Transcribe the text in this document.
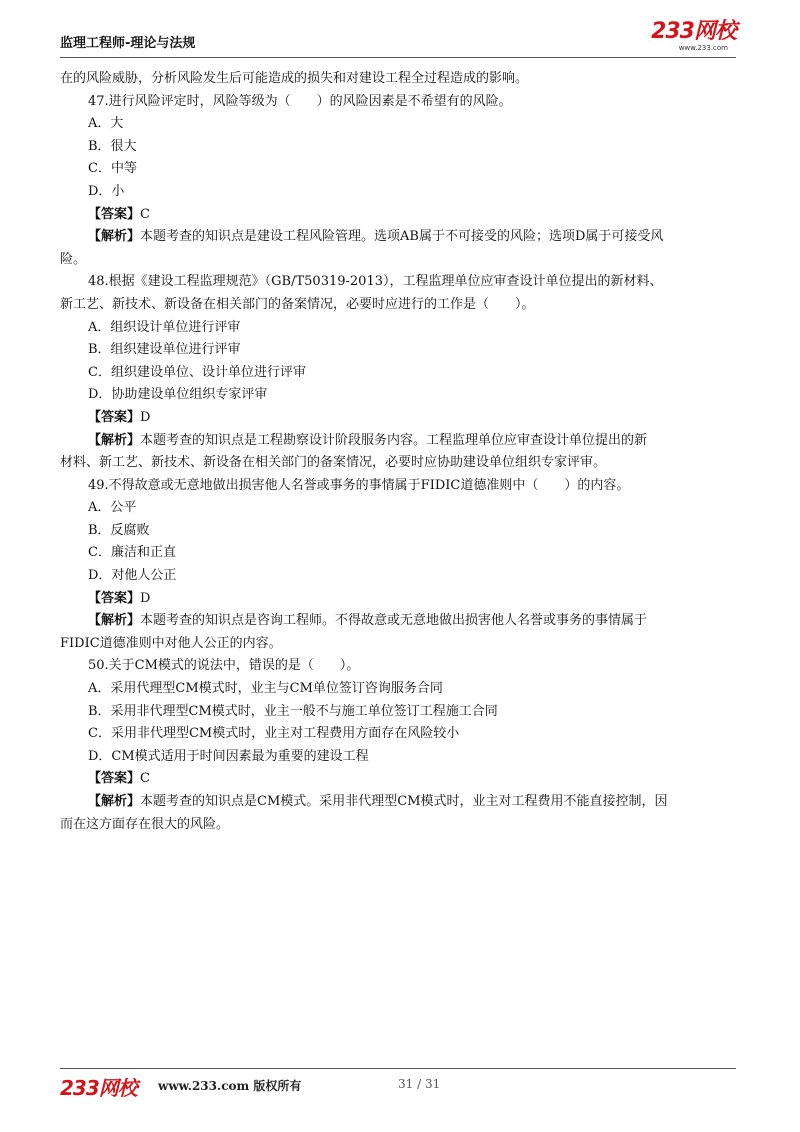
监理工程师-理论与法规	233网校
www.233.com
在的风险威胁，分析风险发生后可能造成的损失和对建设工程全过程造成的影响。
47.进行风险评定时，风险等级为（　　）的风险因素是不希望有的风险。
A．大
B．很大
C．中等
D．小
【答案】C
【解析】本题考查的知识点是建设工程风险管理。选项AB属于不可接受的风险；选项D属于可接受风
险。
48.根据《建设工程监理规范》（GB/T50319-2013），工程监理单位应审查设计单位提出的新材料、
新工艺、新技术、新设备在相关部门的备案情况，必要时应进行的工作是（　　）。
A．组织设计单位进行评审
B．组织建设单位进行评审
C．组织建设单位、设计单位进行评审
D．协助建设单位组织专家评审
【答案】D
【解析】本题考查的知识点是工程勘察设计阶段服务内容。工程监理单位应审查设计单位提出的新
材料、新工艺、新技术、新设备在相关部门的备案情况，必要时应协助建设单位组织专家评审。
49.不得故意或无意地做出损害他人名誉或事务的事情属于FIDIC道德准则中（　　）的内容。
A．公平
B．反腐败
C．廉洁和正直
D．对他人公正
【答案】D
【解析】本题考查的知识点是咨询工程师。不得故意或无意地做出损害他人名誉或事务的事情属于
FIDIC道德准则中对他人公正的内容。
50.关于CM模式的说法中，错误的是（　　）。
A．采用代理型CM模式时，业主与CM单位签订咨询服务合同
B．采用非代理型CM模式时，业主一般不与施工单位签订工程施工合同
C．采用非代理型CM模式时，业主对工程费用方面存在风险较小
D．CM模式适用于时间因素最为重要的建设工程
【答案】C
【解析】本题考查的知识点是CM模式。采用非代理型CM模式时，业主对工程费用不能直接控制，因
而在这方面存在很大的风险。
233网校 www.233.com 版权所有	31 / 31
